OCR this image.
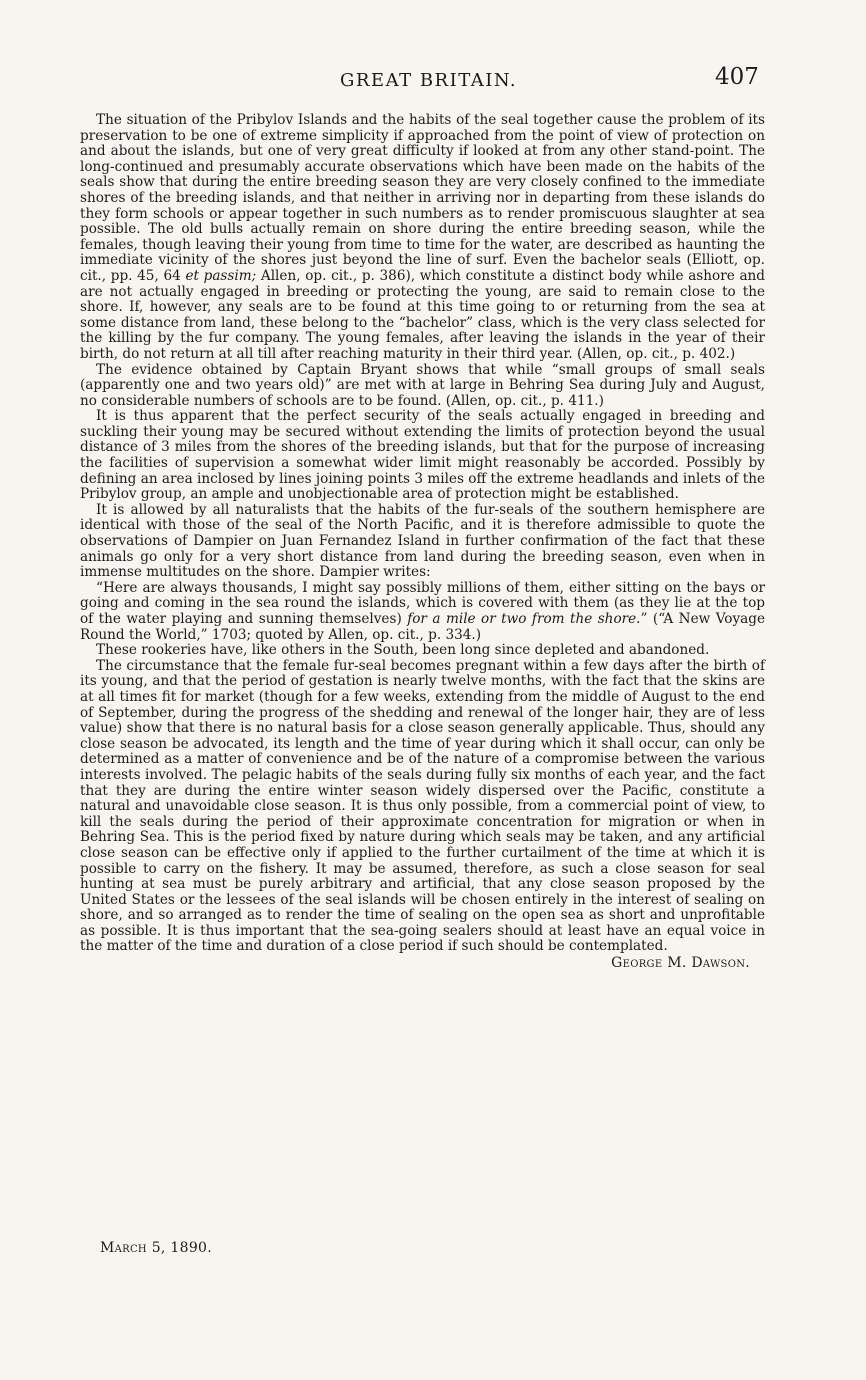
GREAT BRITAIN.	407

The situation of the Pribylov Islands and the habits of the seal together cause the problem of its preservation to be one of extreme simplicity if approached from the point of view of protection on and about the islands, but one of very great difficulty if looked at from any other stand-point. The long-continued and presumably accurate observations which have been made on the habits of the seals show that during the entire breeding season they are very closely confined to the immediate shores of the breeding islands, and that neither in arriving nor in departing from these islands do they form schools or appear together in such numbers as to render promiscuous slaughter at sea possible. The old bulls actually remain on shore during the entire breeding season, while the females, though leaving their young from time to time for the water, are described as haunting the immediate vicinity of the shores just beyond the line of surf. Even the bachelor seals (Elliott, op. cit., pp. 45, 64 et passim; Allen, op. cit., p. 386), which constitute a distinct body while ashore and are not actually engaged in breeding or protecting the young, are said to remain close to the shore. If, however, any seals are to be found at this time going to or returning from the sea at some distance from land, these belong to the “bachelor” class, which is the very class selected for the killing by the fur company. The young females, after leaving the islands in the year of their birth, do not return at all till after reaching maturity in their third year. (Allen, op. cit., p. 402.)

The evidence obtained by Captain Bryant shows that while “small groups of small seals (apparently one and two years old)” are met with at large in Behring Sea during July and August, no considerable numbers of schools are to be found. (Allen, op. cit., p. 411.)

It is thus apparent that the perfect security of the seals actually engaged in breeding and suckling their young may be secured without extending the limits of protection beyond the usual distance of 3 miles from the shores of the breeding islands, but that for the purpose of increasing the facilities of supervision a somewhat wider limit might reasonably be accorded. Possibly by defining an area inclosed by lines joining points 3 miles off the extreme headlands and inlets of the Pribylov group, an ample and unobjectionable area of protection might be established.

It is allowed by all naturalists that the habits of the fur-seals of the southern hemisphere are identical with those of the seal of the North Pacific, and it is therefore admissible to quote the observations of Dampier on Juan Fernandez Island in further confirmation of the fact that these animals go only for a very short distance from land during the breeding season, even when in immense multitudes on the shore. Dampier writes:

“Here are always thousands, I might say possibly millions of them, either sitting on the bays or going and coming in the sea round the islands, which is covered with them (as they lie at the top of the water playing and sunning themselves) for a mile or two from the shore.” (“A New Voyage Round the World,” 1703; quoted by Allen, op. cit., p. 334.)

These rookeries have, like others in the South, been long since depleted and abandoned.

The circumstance that the female fur-seal becomes pregnant within a few days after the birth of its young, and that the period of gestation is nearly twelve months, with the fact that the skins are at all times fit for market (though for a few weeks, extending from the middle of August to the end of September, during the progress of the shedding and renewal of the longer hair, they are of less value) show that there is no natural basis for a close season generally applicable. Thus, should any close season be advocated, its length and the time of year during which it shall occur, can only be determined as a matter of convenience and be of the nature of a compromise between the various interests involved. The pelagic habits of the seals during fully six months of each year, and the fact that they are during the entire winter season widely dispersed over the Pacific, constitute a natural and unavoidable close season. It is thus only possible, from a commercial point of view, to kill the seals during the period of their approximate concentration for migration or when in Behring Sea. This is the period fixed by nature during which seals may be taken, and any artificial close season can be effective only if applied to the further curtailment of the time at which it is possible to carry on the fishery. It may be assumed, therefore, as such a close season for seal hunting at sea must be purely arbitrary and artificial, that any close season proposed by the United States or the lessees of the seal islands will be chosen entirely in the interest of sealing on shore, and so arranged as to render the time of sealing on the open sea as short and unprofitable as possible. It is thus important that the sea-going sealers should at least have an equal voice in the matter of the time and duration of a close period if such should be contemplated.

George M. Dawson.
March 5, 1890.
